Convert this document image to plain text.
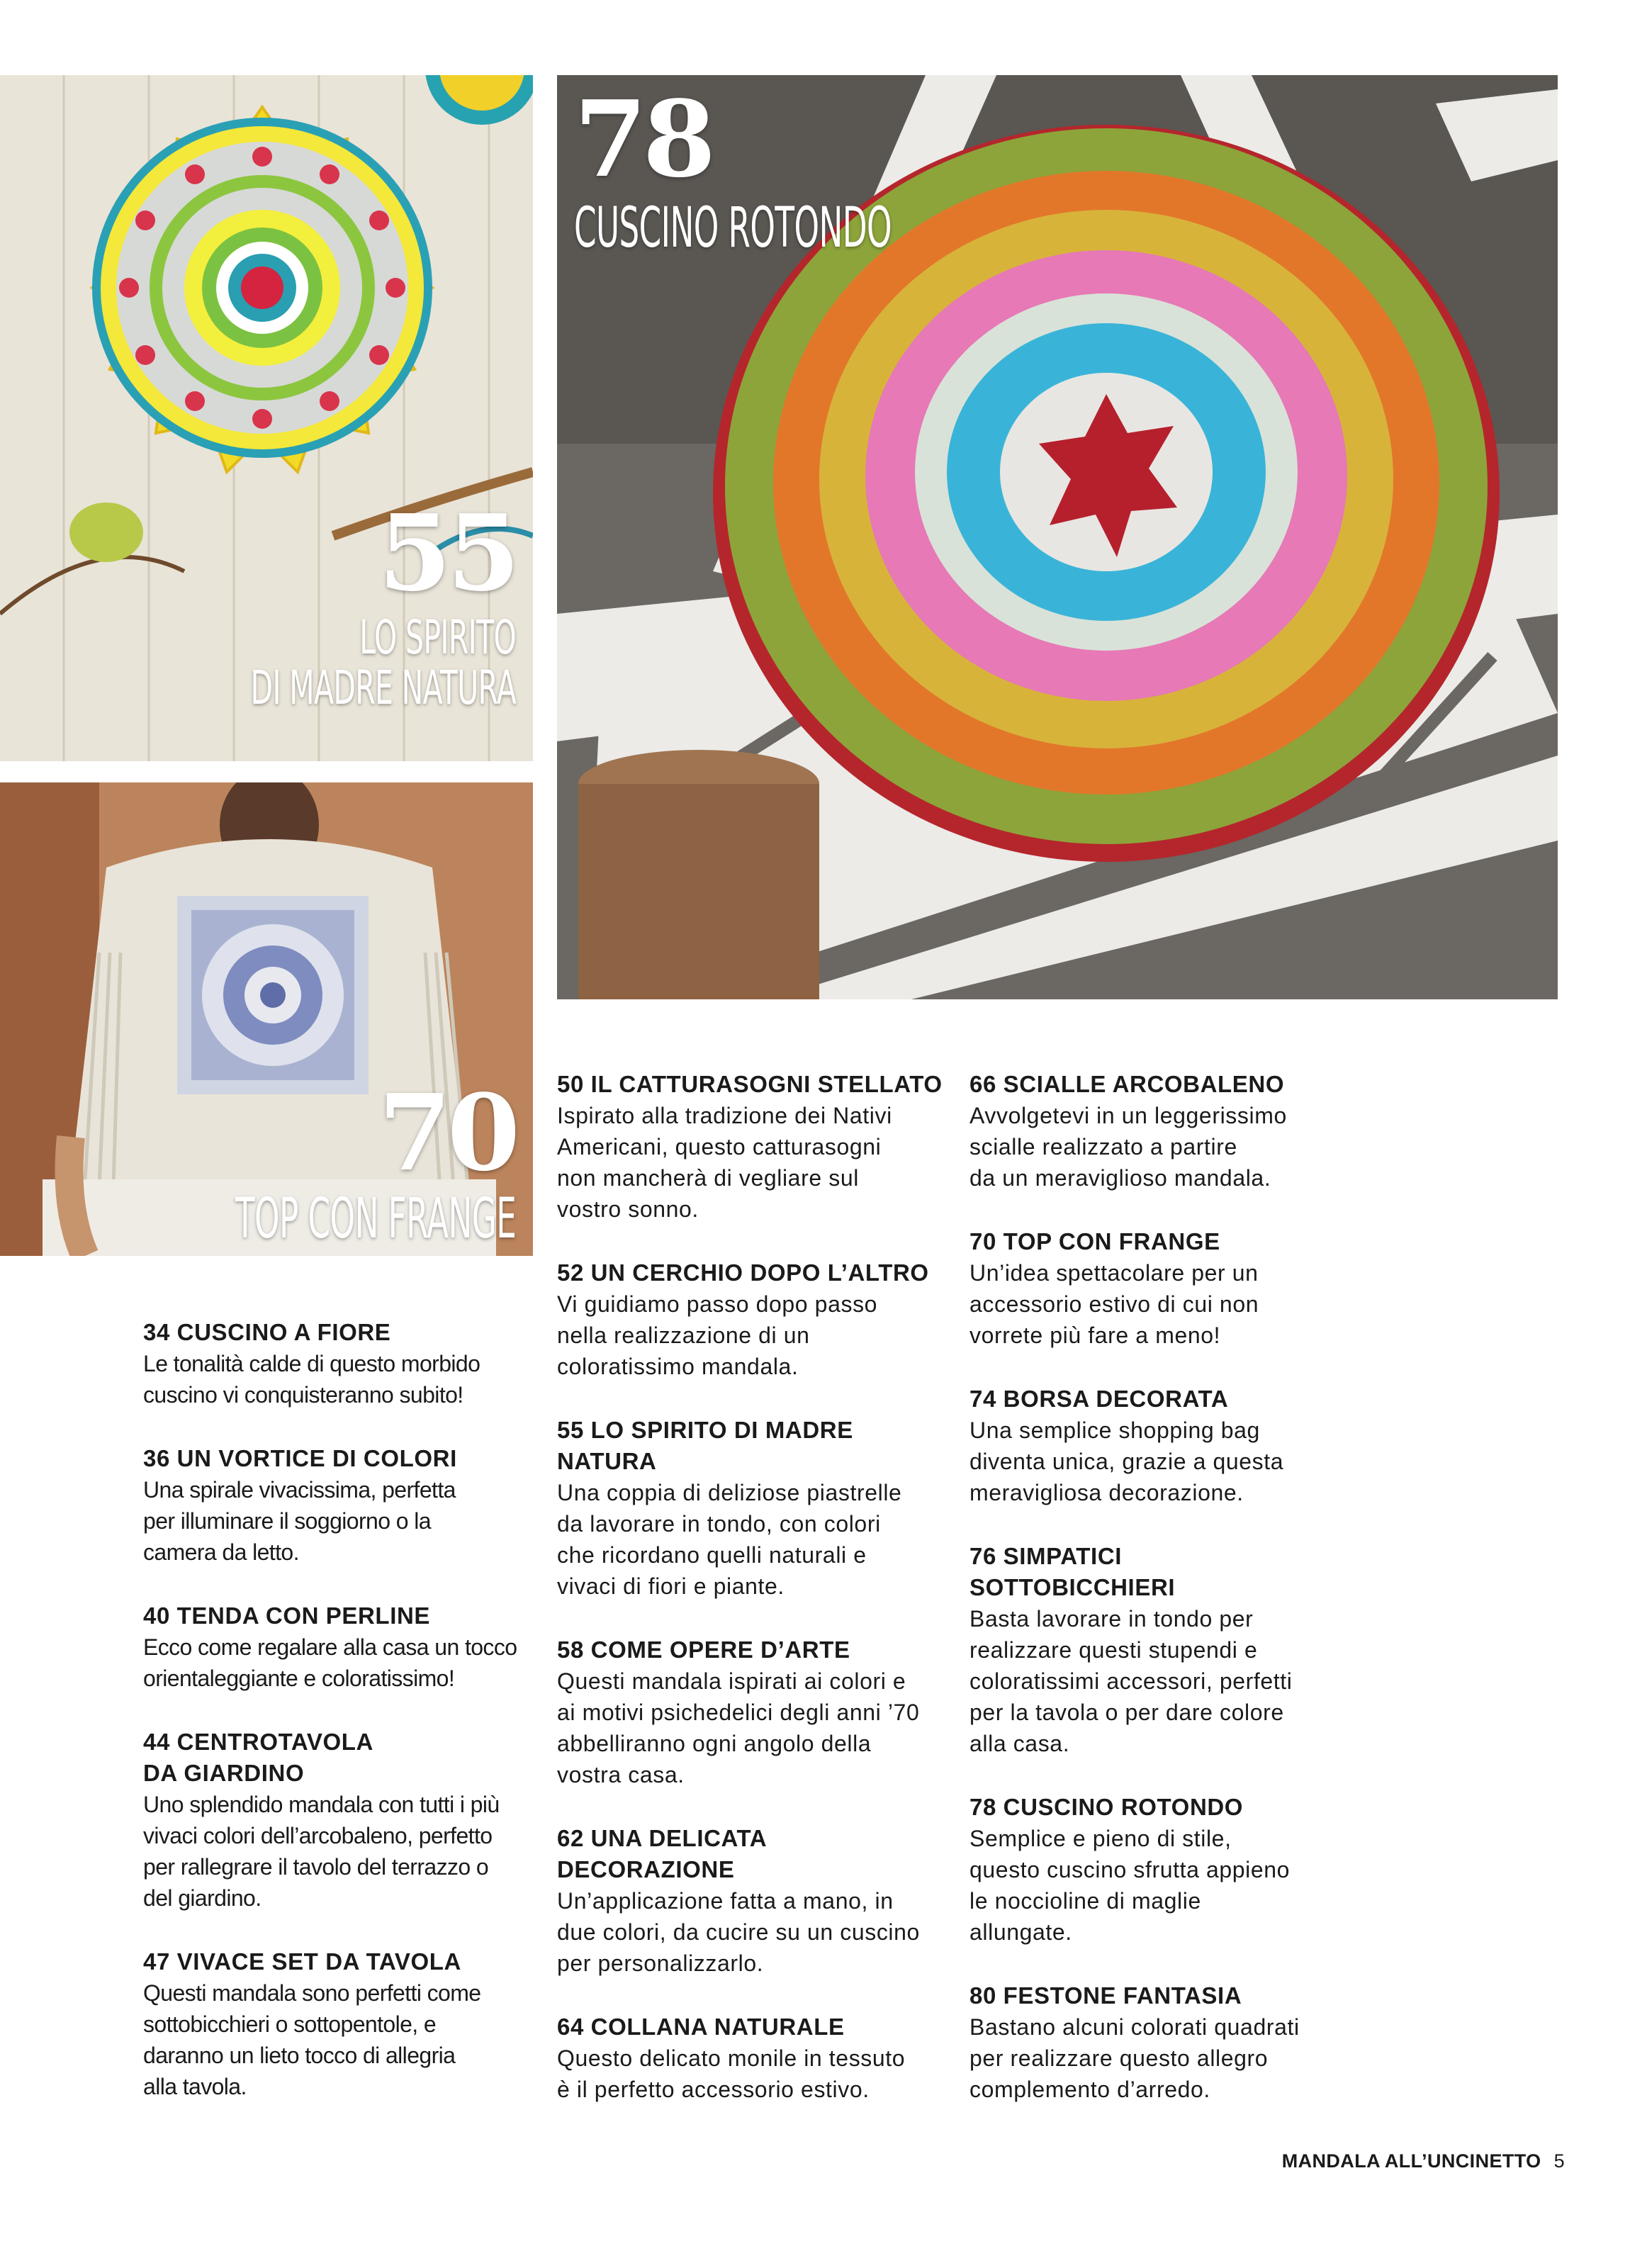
55
LO SPIRITO
DI MADRE NATURA
78
CUSCINO ROTONDO
70
TOP CON FRANGE
34 CUSCINO A FIORE

Le tonalità calde di questo morbido
cuscino vi conquisteranno subito!

36 UN VORTICE DI COLORI

Una spirale vivacissima, perfetta
per illuminare il soggiorno o la
camera da letto.

40 TENDA CON PERLINE

Ecco come regalare alla casa un tocco
orientaleggiante e coloratissimo!

44 CENTROTAVOLA
DA GIARDINO

Uno splendido mandala con tutti i più
vivaci colori dell’arcobaleno, perfetto
per rallegrare il tavolo del terrazzo o
del giardino.

47 VIVACE SET DA TAVOLA

Questi mandala sono perfetti come
sottobicchieri o sottopentole, e
daranno un lieto tocco di allegria
alla tavola.

50 IL CATTURASOGNI STELLATO

Ispirato alla tradizione dei Nativi
Americani, questo catturasogni
non mancherà di vegliare sul
vostro sonno.

52 UN CERCHIO DOPO L’ALTRO

Vi guidiamo passo dopo passo
nella realizzazione di un
coloratissimo mandala.

55 LO SPIRITO DI MADRE
NATURA

Una coppia di deliziose piastrelle
da lavorare in tondo, con colori
che ricordano quelli naturali e
vivaci di fiori e piante.

58 COME OPERE D’ARTE

Questi mandala ispirati ai colori e
ai motivi psichedelici degli anni ’70
abbelliranno ogni angolo della
vostra casa.

62 UNA DELICATA
DECORAZIONE

Un’applicazione fatta a mano, in
due colori, da cucire su un cuscino
per personalizzarlo.

64 COLLANA NATURALE

Questo delicato monile in tessuto
è il perfetto accessorio estivo.

66 SCIALLE ARCOBALENO

Avvolgetevi in un leggerissimo
scialle realizzato a partire
da un meraviglioso mandala.

70 TOP CON FRANGE

Un’idea spettacolare per un
accessorio estivo di cui non
vorrete più fare a meno!

74 BORSA DECORATA

Una semplice shopping bag
diventa unica, grazie a questa
meravigliosa decorazione.

76 SIMPATICI
SOTTOBICCHIERI

Basta lavorare in tondo per
realizzare questi stupendi e
coloratissimi accessori, perfetti
per la tavola o per dare colore
alla casa.

78 CUSCINO ROTONDO

Semplice e pieno di stile,
questo cuscino sfrutta appieno
le noccioline di maglie
allungate.

80 FESTONE FANTASIA

Bastano alcuni colorati quadrati
per realizzare questo allegro
complemento d’arredo.

MANDALA ALL’UNCINETTO 5
